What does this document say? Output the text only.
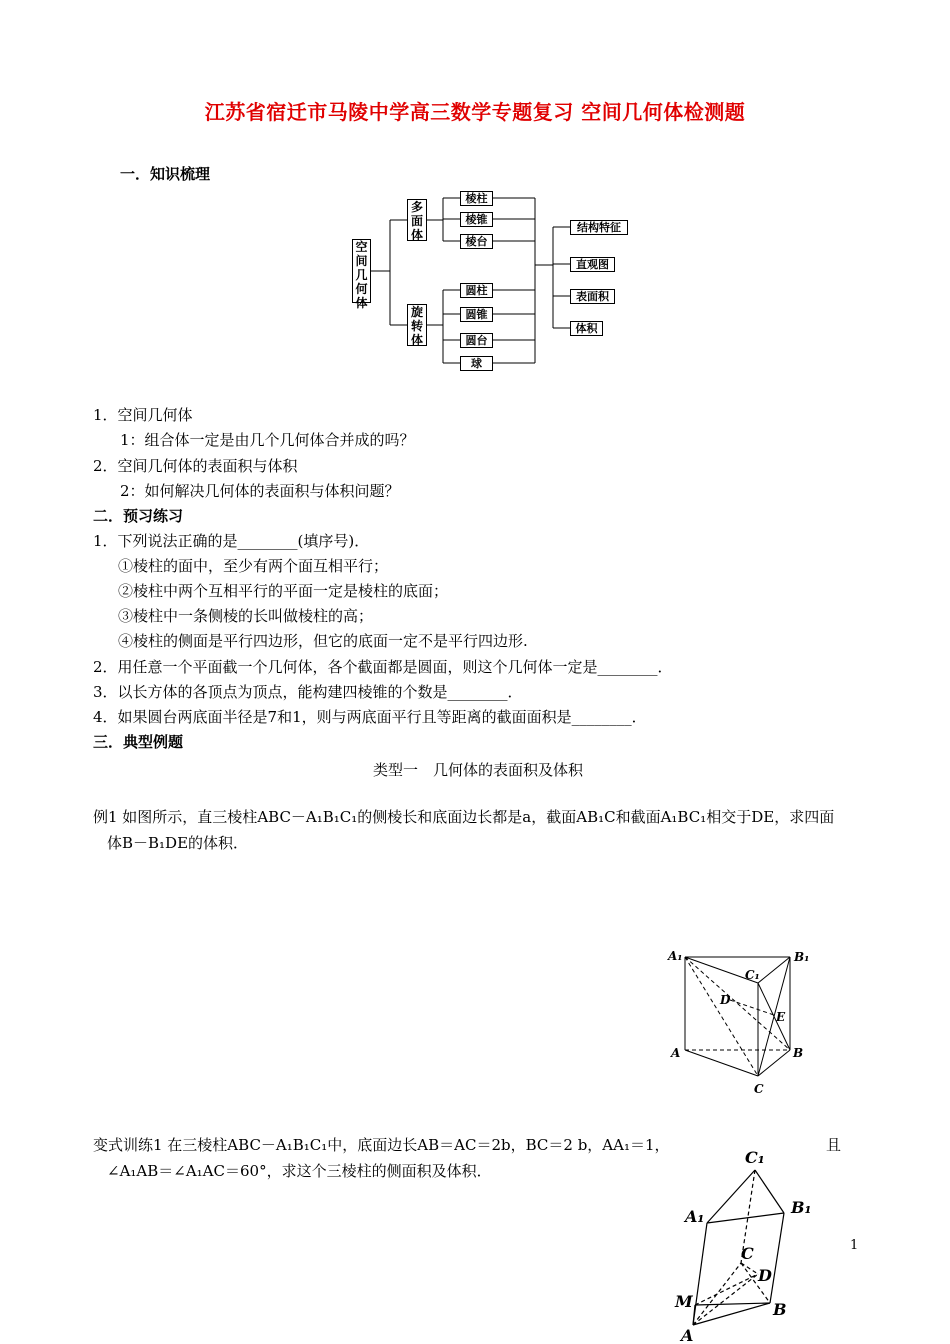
江苏省宿迁市马陵中学高三数学专题复习 空间几何体检测题
一．知识梳理
空
间
几
何
体
多
面
体
旋
转
体
棱柱
棱锥
棱台
圆柱
圆锥
圆台
球
结构特征
直观图
表面积
体积
1．空间几何体
1：组合体一定是由几个几何体合并成的吗？
2．空间几何体的表面积与体积
2：如何解决几何体的表面积与体积问题？
二．预习练习
1．下列说法正确的是________(填序号)．
①棱柱的面中，至少有两个面互相平行；
②棱柱中两个互相平行的平面一定是棱柱的底面；
③棱柱中一条侧棱的长叫做棱柱的高；
④棱柱的侧面是平行四边形，但它的底面一定不是平行四边形.
2．用任意一个平面截一个几何体，各个截面都是圆面，则这个几何体一定是________．
3．以长方体的各顶点为顶点，能构建四棱锥的个数是________．
4．如果圆台两底面半径是7和1，则与两底面平行且等距离的截面面积是________．
三．典型例题
类型一　几何体的表面积及体积
例1 如图所示，直三棱柱ABC－A₁B₁C₁的侧棱长和底面边长都是a，截面AB₁C和截面A₁BC₁相交于DE，求四面
体B－B₁DE的体积．
A₁	B₁
C₁
D
E
A	B
C
变式训练1 在三棱柱ABC－A₁B₁C₁中，底面边长AB＝AC＝2b，BC＝2 b，AA₁＝1，	且
∠A₁AB＝∠A₁AC＝60°，求这个三棱柱的侧面积及体积．
C₁
B₁
A₁
C
D
M	B
A
1
